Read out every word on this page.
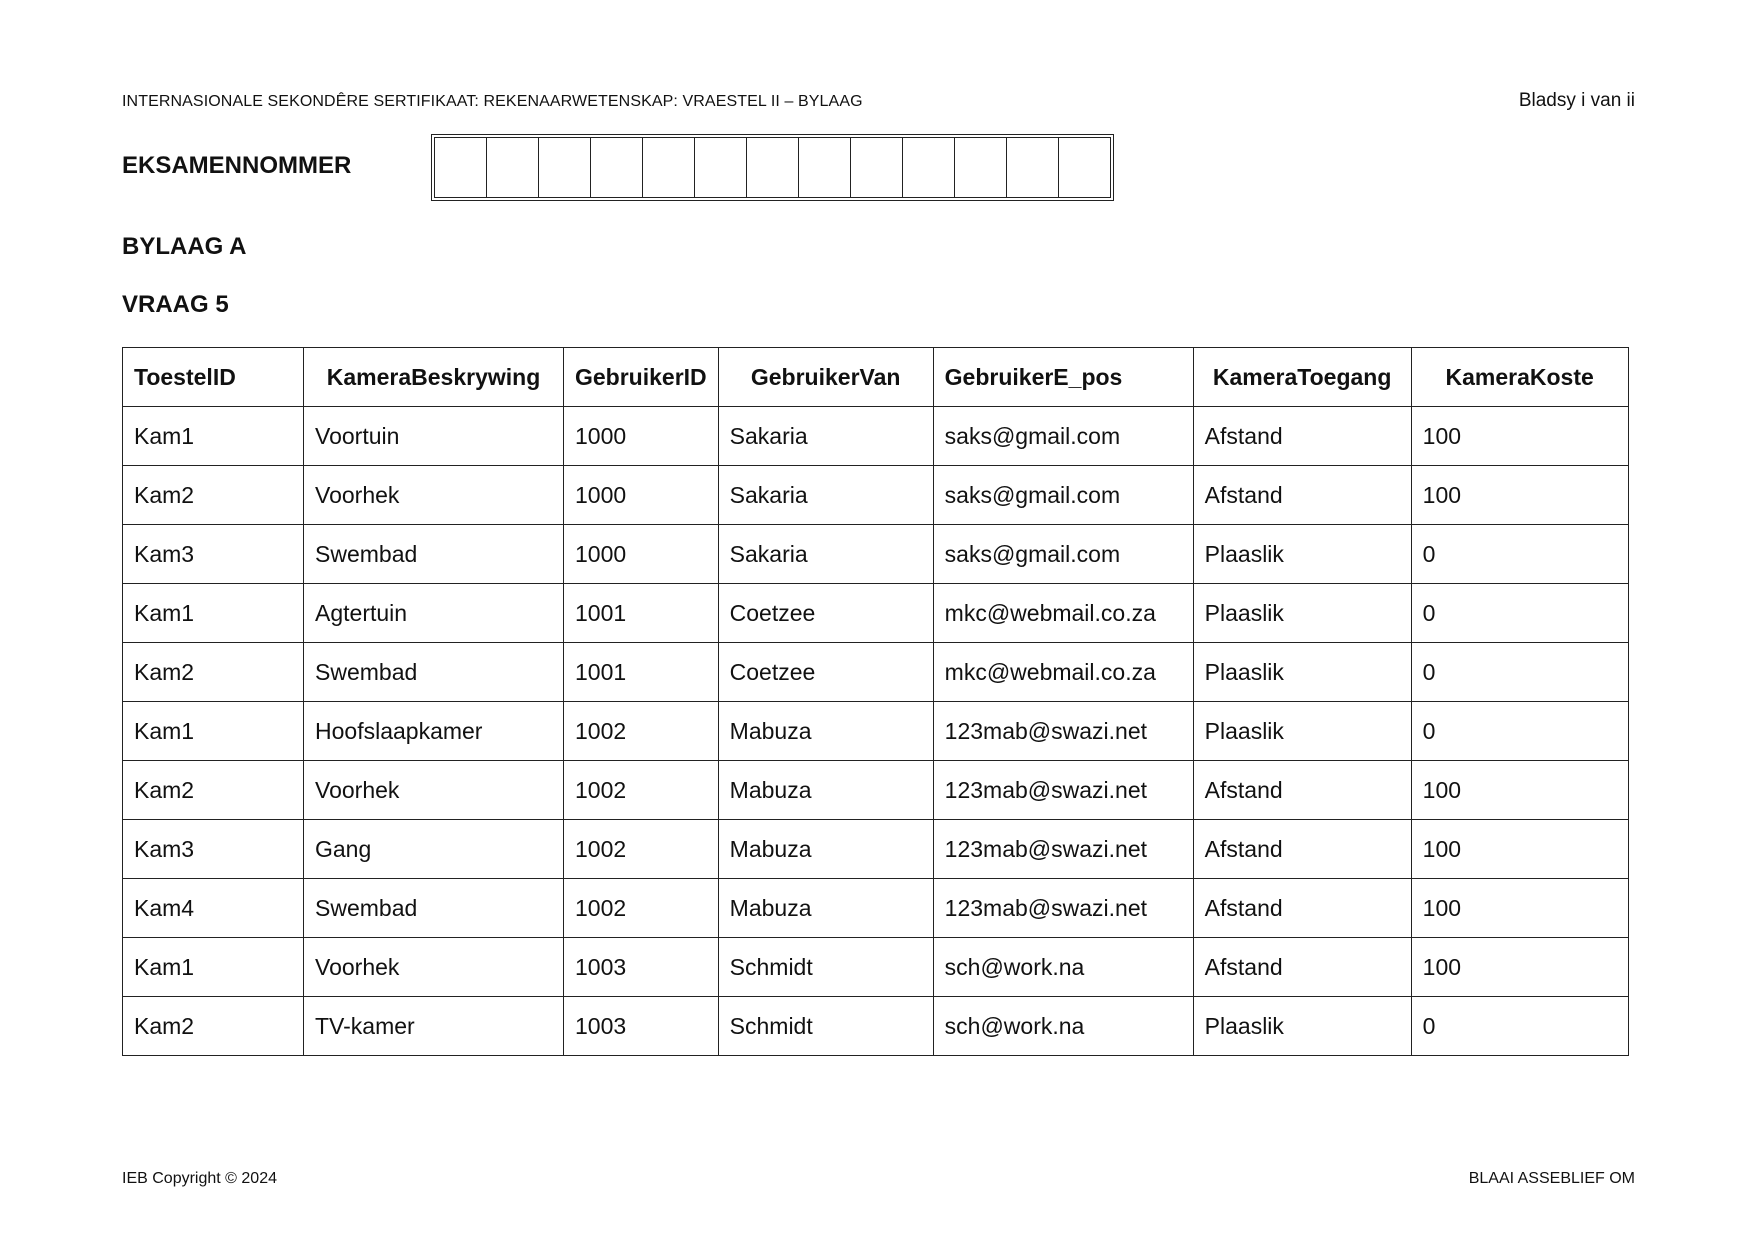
INTERNASIONALE SEKONDÊRE SERTIFIKAAT: REKENAARWETENSKAP: VRAESTEL II – BYLAAG	Bladsy i van ii
EKSAMENNOMMER
BYLAAG A
VRAAG 5
ToestelID	KameraBeskrywing	GebruikerID	GebruikerVan	GebruikerE_pos	KameraToegang	KameraKoste
Kam1	Voortuin	1000	Sakaria	saks@gmail.com	Afstand	100
Kam2	Voorhek	1000	Sakaria	saks@gmail.com	Afstand	100
Kam3	Swembad	1000	Sakaria	saks@gmail.com	Plaaslik	0
Kam1	Agtertuin	1001	Coetzee	mkc@webmail.co.za	Plaaslik	0
Kam2	Swembad	1001	Coetzee	mkc@webmail.co.za	Plaaslik	0
Kam1	Hoofslaapkamer	1002	Mabuza	123mab@swazi.net	Plaaslik	0
Kam2	Voorhek	1002	Mabuza	123mab@swazi.net	Afstand	100
Kam3	Gang	1002	Mabuza	123mab@swazi.net	Afstand	100
Kam4	Swembad	1002	Mabuza	123mab@swazi.net	Afstand	100
Kam1	Voorhek	1003	Schmidt	sch@work.na	Afstand	100
Kam2	TV-kamer	1003	Schmidt	sch@work.na	Plaaslik	0
IEB Copyright © 2024	BLAAI ASSEBLIEF OM
